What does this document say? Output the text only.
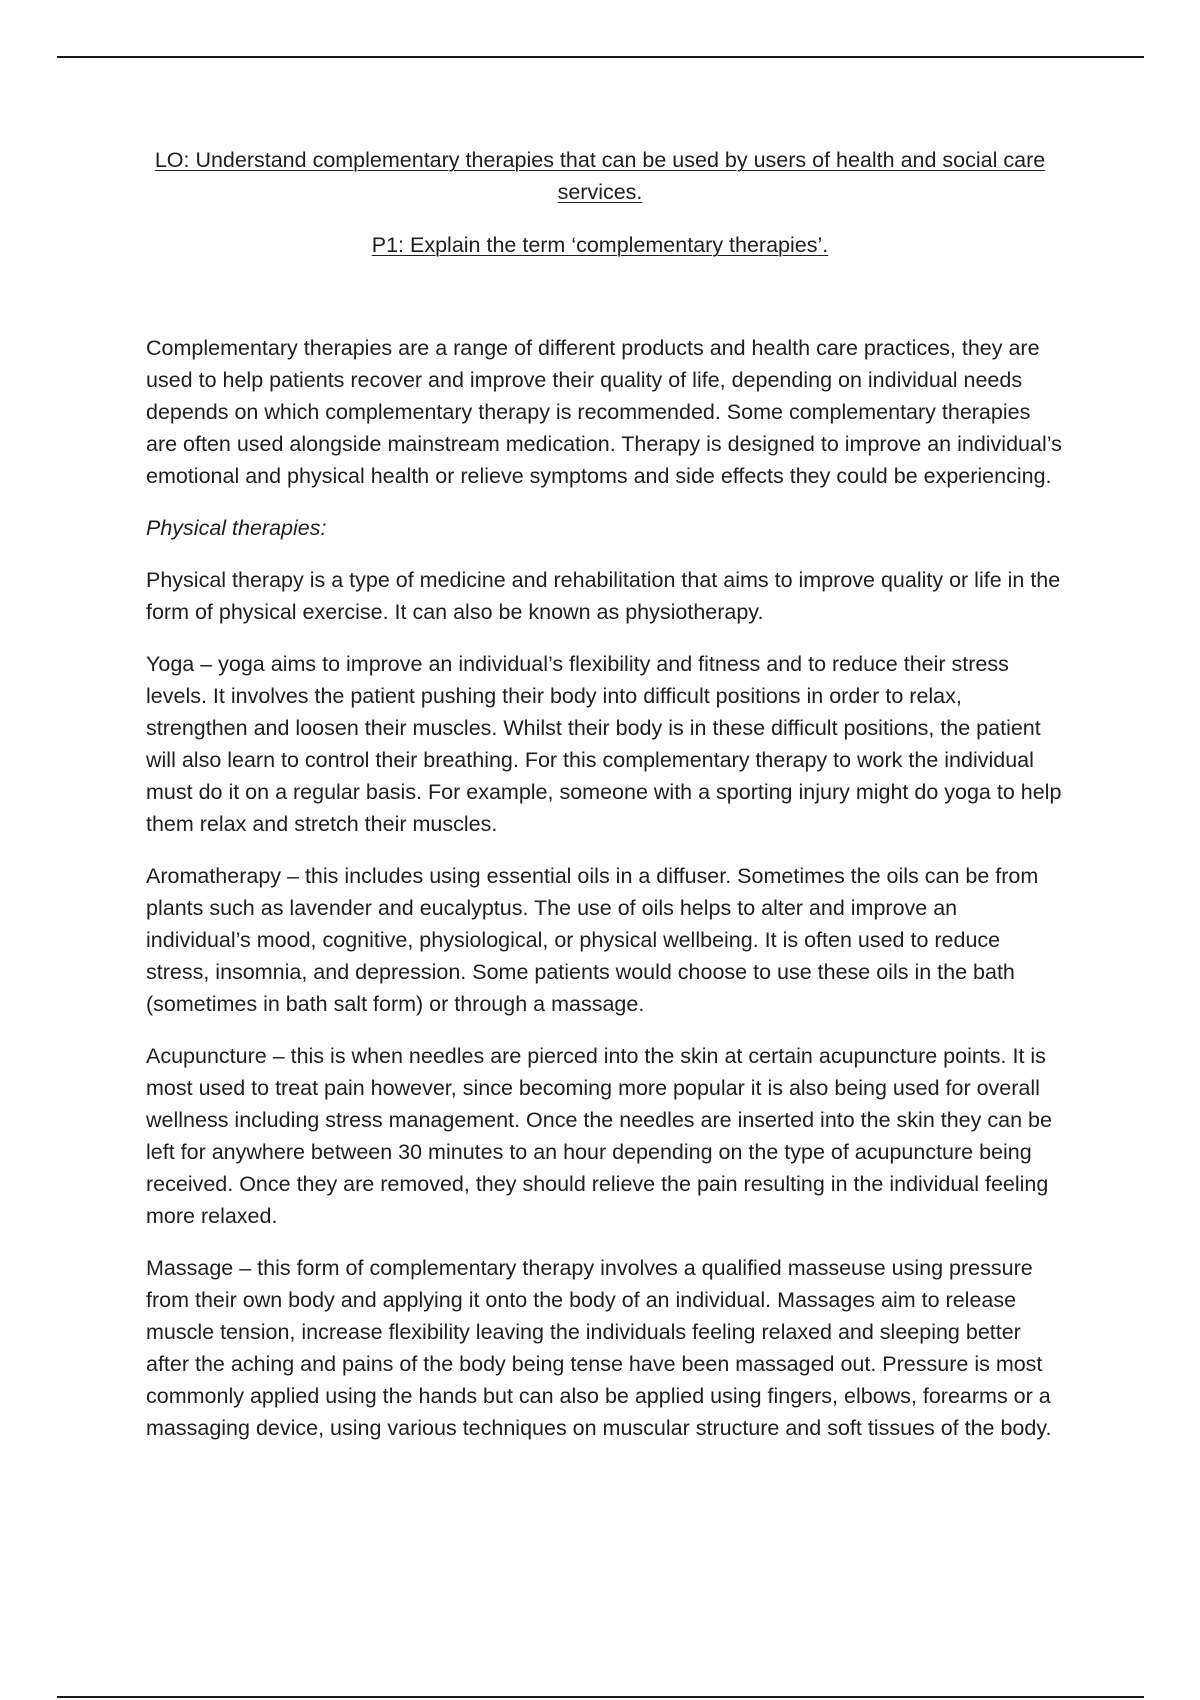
LO: Understand complementary therapies that can be used by users of health and social care services.
P1: Explain the term ‘complementary therapies’.

Complementary therapies are a range of different products and health care practices, they are used to help patients recover and improve their quality of life, depending on individual needs depends on which complementary therapy is recommended. Some complementary therapies are often used alongside mainstream medication. Therapy is designed to improve an individual’s emotional and physical health or relieve symptoms and side effects they could be experiencing.

Physical therapies:

Physical therapy is a type of medicine and rehabilitation that aims to improve quality or life in the form of physical exercise. It can also be known as physiotherapy.

Yoga – yoga aims to improve an individual’s flexibility and fitness and to reduce their stress levels. It involves the patient pushing their body into difficult positions in order to relax, strengthen and loosen their muscles. Whilst their body is in these difficult positions, the patient will also learn to control their breathing. For this complementary therapy to work the individual must do it on a regular basis. For example, someone with a sporting injury might do yoga to help them relax and stretch their muscles.

Aromatherapy – this includes using essential oils in a diffuser. Sometimes the oils can be from plants such as lavender and eucalyptus. The use of oils helps to alter and improve an individual’s mood, cognitive, physiological, or physical wellbeing. It is often used to reduce stress, insomnia, and depression. Some patients would choose to use these oils in the bath (sometimes in bath salt form) or through a massage.

Acupuncture – this is when needles are pierced into the skin at certain acupuncture points. It is most used to treat pain however, since becoming more popular it is also being used for overall wellness including stress management. Once the needles are inserted into the skin they can be left for anywhere between 30 minutes to an hour depending on the type of acupuncture being received. Once they are removed, they should relieve the pain resulting in the individual feeling more relaxed.

Massage – this form of complementary therapy involves a qualified masseuse using pressure from their own body and applying it onto the body of an individual. Massages aim to release muscle tension, increase flexibility leaving the individuals feeling relaxed and sleeping better after the aching and pains of the body being tense have been massaged out. Pressure is most commonly applied using the hands but can also be applied using fingers, elbows, forearms or a massaging device, using various techniques on muscular structure and soft tissues of the body.
